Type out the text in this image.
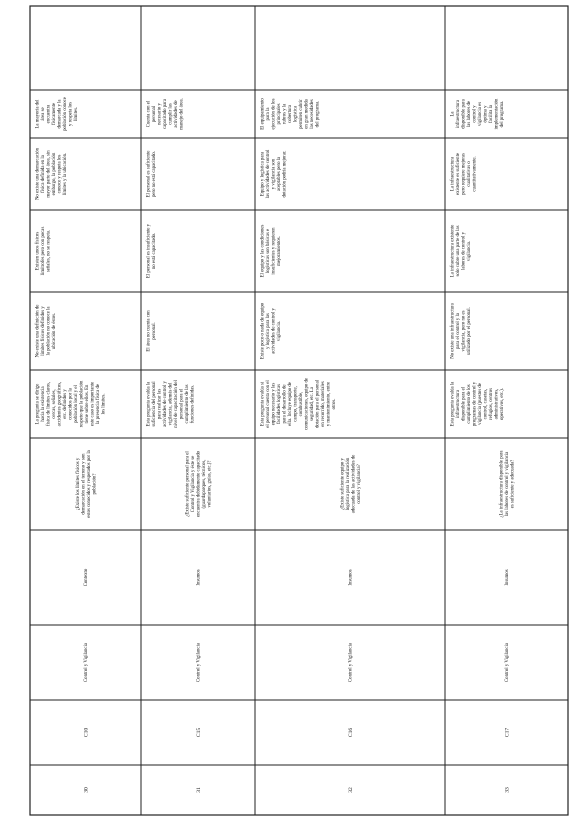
30
C10
Control y Vigilancia
Contexto
¿Existe los límites físicos ydemarcación en el terreno y sonestos conocidos y respetados por lapoblación?
La pregunta se dirigehacia la existenciafísica de límites claros,cercas, señales,accidentes geográficos,etc. definidos yconocidos por lapoblación local y elrespeto que la poblacióntiene sobre ellos. Eneste caso es importantela presencia física delos límites.
No existe una definición delímites físicos definidos yla población no conoce laubicación de éstos.
Existen unos físicoslimítrofes pero con pocasseñales, no se respeta.
No existe una demarcaciónfísica definida en lamayor parte del área, sinembargo, la poblaciónconoce y respeta loslímites y la ubicación.
La mayoría delárea seencuentrafísicamentedemarcada y lapoblación conocey respeta loslímites.
31
C15
Control y Vigilancia
Insumos
¿Existe suficiente personal para elControl y Vigilancia y éste seencuentra debidamente capacitado(guardaparques, técnicos,voluntarios, guías, etc.)?
Esta pregunta evalúa lasuficiencia del personalpara realizar lasactividades de control yvigilancia, además delnivel de capacitación delpersonal para elcumplimiento de lasfunciones definidas.
El área no cuenta conpersonal.
El personal es insuficiente yno está capacitado.
El personal es suficientepero no está capacitado.
Cuenta con elpersonalnecesario ycapacitado paracumplir lasactividades demanejo del área.
32
C16
Control y Vigilancia
Insumos
¿Existe suficiente equipo ylogística para la realizaciónadecuada de las actividades decontrol y vigilancia?
Esta pregunta evalúa siel personal cuenta con elequipo necesario y lasfacilidades logísticaspara el desarrollo deella. Incluye equipo decampo, transporte,combustible,comunicaciones, equipo deseguridad, etc. Ladotación para el personalen recorrido, materialesy mantenimiento, entreotros.
Existe poco o nada de equipoy logística para lasactividades de control yvigilancia.
El equipo y las condicioneslogísticas son básicas einsuficientes y requierenmejoramientos.
Equipo y logística paralas actividades de controly vigilancia sonaceptables pero ladotación podría mejorar.
El equipamientopara laejecución de losprincipalesrubros y lacoberturalogísticapermiten cubriren gran medidalas necesidadesdel programa.
33
C17
Control y Vigilancia
Insumos
¿La infraestructura disponible paralas labores de control y vigilanciaes suficiente y adecuada?
Esta pregunta evalúa lainfraestructuradisponible para elcumplimiento de losprogramas de control yvigilancia (puestos decontrol, casetas,refugios, centrosadministrativos,operativos, etc.).
No existe una infraestructurapara el control y lavigilancia, pero no esutilizado por el personal.
La infraestructura existentesolo cubre una parte de laslabores de control yvigilancia.
La infraestructuraexistente es suficientepero requiere mejorascualitativas ocuantitativamente.
Lainfraestructuradisponible paralas labores decontrol yvigilancia esóptima yfacilita laimplementacióndel programa.
